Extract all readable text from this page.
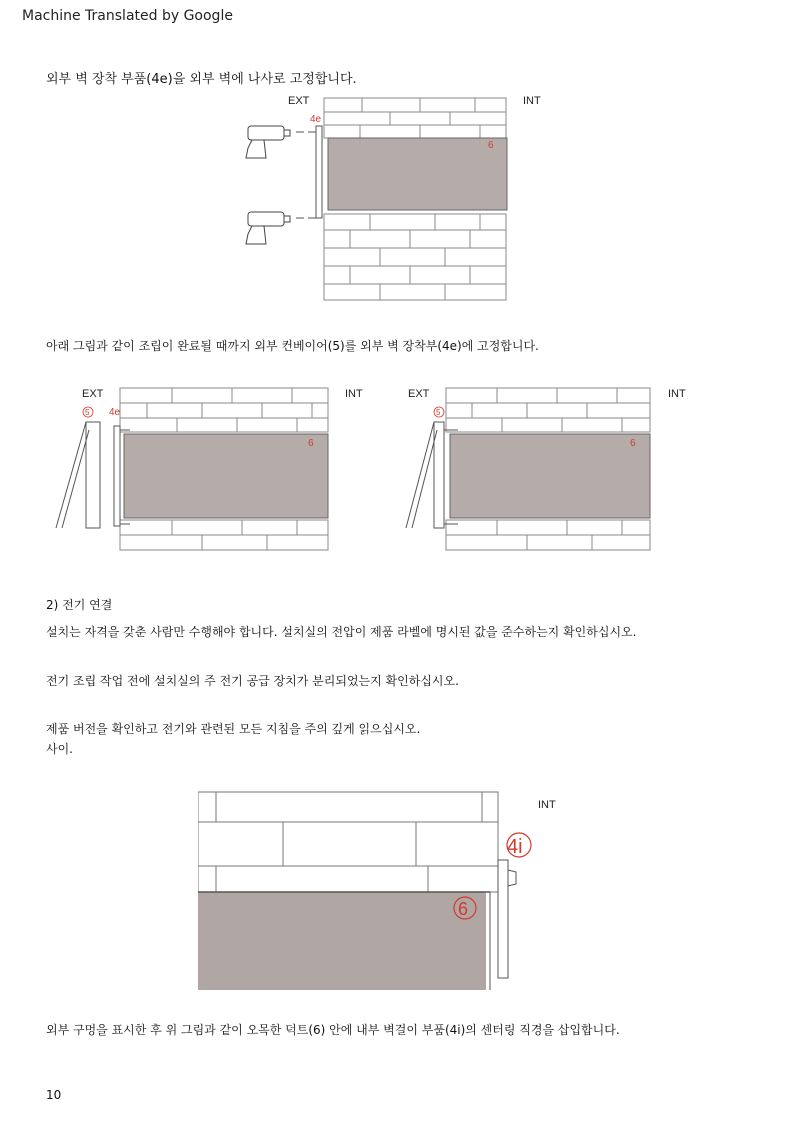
Machine Translated by Google
외부 벽 장착 부품(4e)을 외부 벽에 나사로 고정합니다.
EXT	INT
4e
6
아래 그림과 같이 조립이 완료될 때까지 외부 컨베이어(5)를 외부 벽 장착부(4e)에 고정합니다.
EXT	INT	EXT	INT
5 4e
6
5
6
2) 전기 연결
설치는 자격을 갖춘 사람만 수행해야 합니다. 설치실의 전압이 제품 라벨에 명시된 값을 준수하는지 확인하십시오.
전기 조립 작업 전에 설치실의 주 전기 공급 장치가 분리되었는지 확인하십시오.
제품 버전을 확인하고 전기와 관련된 모든 지침을 주의 깊게 읽으십시오.
사이.
INT
4i
6
외부 구멍을 표시한 후 위 그림과 같이 오목한 덕트(6) 안에 내부 벽걸이 부품(4i)의 센터링 직경을 삽입합니다.
10
